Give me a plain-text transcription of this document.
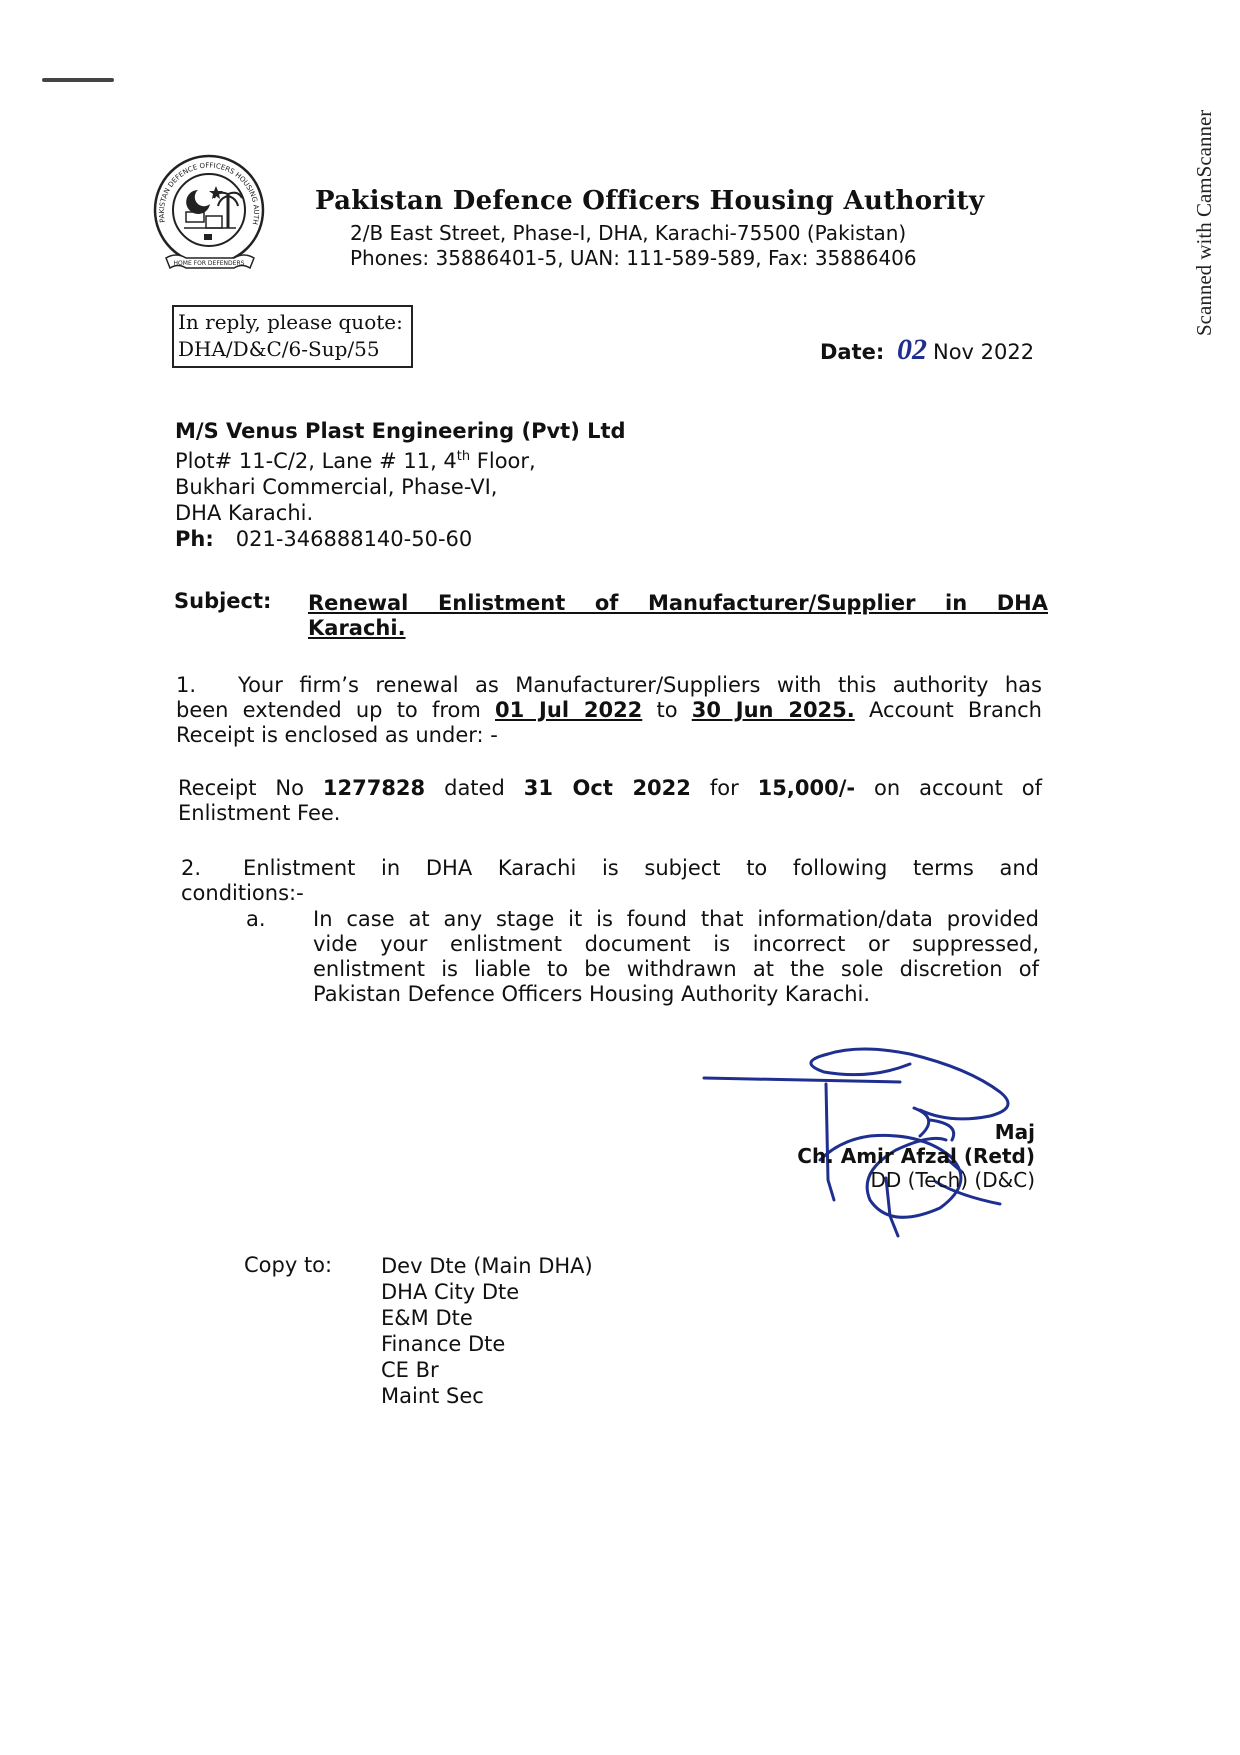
Scanned with CamScanner
HOME FOR DEFENDERS
PAKISTAN DEFENCE OFFICERS HOUSING AUTH
Pakistan Defence Officers Housing Authority
2/B East Street, Phase-I, DHA, Karachi-75500 (Pakistan)
Phones: 35886401-5, UAN: 111-589-589, Fax: 35886406
In reply, please quote:
DHA/D&C/6-Sup/55	Date: 02 Nov 2022
M/S Venus Plast Engineering (Pvt) Ltd
Plot# 11-C/2, Lane # 11, 4th Floor,
Bukhari Commercial, Phase-VI,
DHA Karachi.
Ph: 021-346888140-50-60
Subject: Renewal Enlistment of Manufacturer/Supplier in DHA
Karachi.
1. Your firm’s renewal as Manufacturer/Suppliers with this authority has
been extended up to from 01 Jul 2022 to 30 Jun 2025. Account Branch
Receipt is enclosed as under: -
Receipt No 1277828 dated 31 Oct 2022 for 15,000/- on account of
Enlistment Fee.
2. Enlistment in DHA Karachi is subject to following terms and
conditions:-
a. In case at any stage it is found that information/data provided
vide your enlistment document is incorrect or suppressed,
enlistment is liable to be withdrawn at the sole discretion of
Pakistan Defence Officers Housing Authority Karachi.
Maj
Ch. Amir Afzal (Retd)
DD (Tech) (D&C)
Copy to: Dev Dte (Main DHA)
DHA City Dte
E&M Dte
Finance Dte
CE Br
Maint Sec
